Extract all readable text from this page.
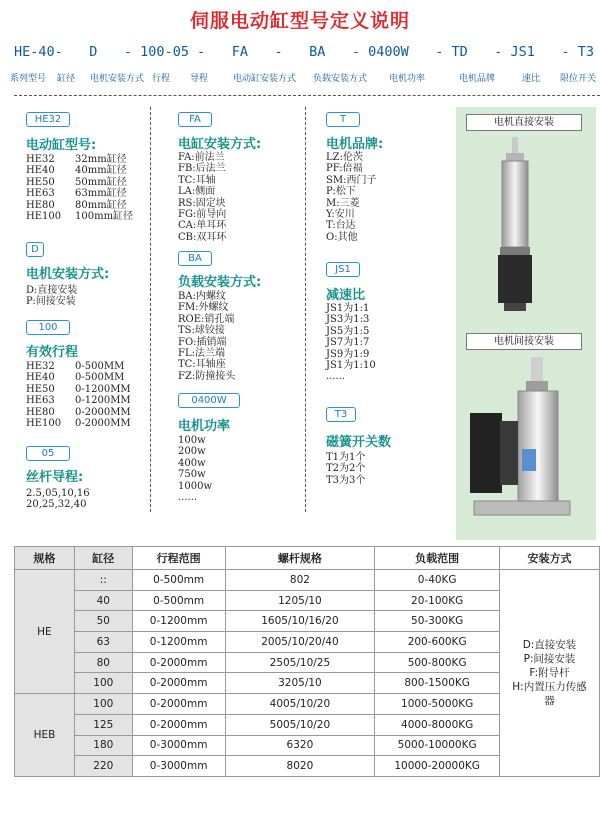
伺服电动缸型号定义说明
HE-40- D - 100-05 - FA - BA - 0400W - TD - JS1 - T3
系列型号 缸径 电机安装方式 行程 导程	电动缸安装方式 负载安装方式 电机功率	电机品牌	速比 限位开关
HE32
电动缸型号:
HE32 32mm缸径
HE40 40mm缸径
HE50 50mm缸径
HE63 63mm缸径
HE80 80mm缸径
HE100 100mm缸径
D
电机安装方式:
D:直接安装
P:间接安装
100
有效行程
HE32 0-500MM
HE40 0-500MM
HE50 0-1200MM
HE63 0-1200MM
HE80 0-2000MM
HE100 0-2000MM
05
丝杆导程:
2.5,05,10,16
20,25,32,40
FA
电缸安装方式:
FA:前法兰
FB:后法兰
TC:耳轴
LA:侧面
RS:固定块
FG:前导向
CA:单耳环
CB:双耳环
BA
负载安装方式:
BA:内螺纹
FM:外螺纹
ROE:销孔端
TS:球铰接
FO:插销端
FL:法兰端
TC:耳轴座
FZ:防撞接头
0400W
电机功率
100w
200w
400w
750w
1000w
......
T
电机品牌:
LZ:伦茨
PF:倍福
SM:西门子
P:松下
M:三菱
Y:安川
T:台达
O:其他
JS1
减速比
JS1为1:1
JS3为1:3
JS5为1:5
JS7为1:7
JS9为1:9
JS1为1:10
......
T3
磁簧开关数
T1为1个
T2为2个
T3为3个
电机直接安装
电机间接安装
规格	缸径	行程范围	螺杆规格	负载范围	安装方式
HE	::	0-500mm	802	0-40KG	D:直接安装
P:间接安装
F:附导杆
H:内置压力传感器

	40	0-500mm	1205/10	20-100KG	
	50	0-1200mm	1605/10/16/20	50-300KG	
	63	0-1200mm	2005/10/20/40	200-600KG	
	80	0-2000mm	2505/10/25	500-800KG	
	100	0-2000mm	3205/10	800-1500KG	
HEB	100	0-2000mm	4005/10/20	1000-5000KG	
	125	0-2000mm	5005/10/20	4000-8000KG	
	180	0-3000mm	6320	5000-10000KG	
	220	0-3000mm	8020	10000-20000KG	
